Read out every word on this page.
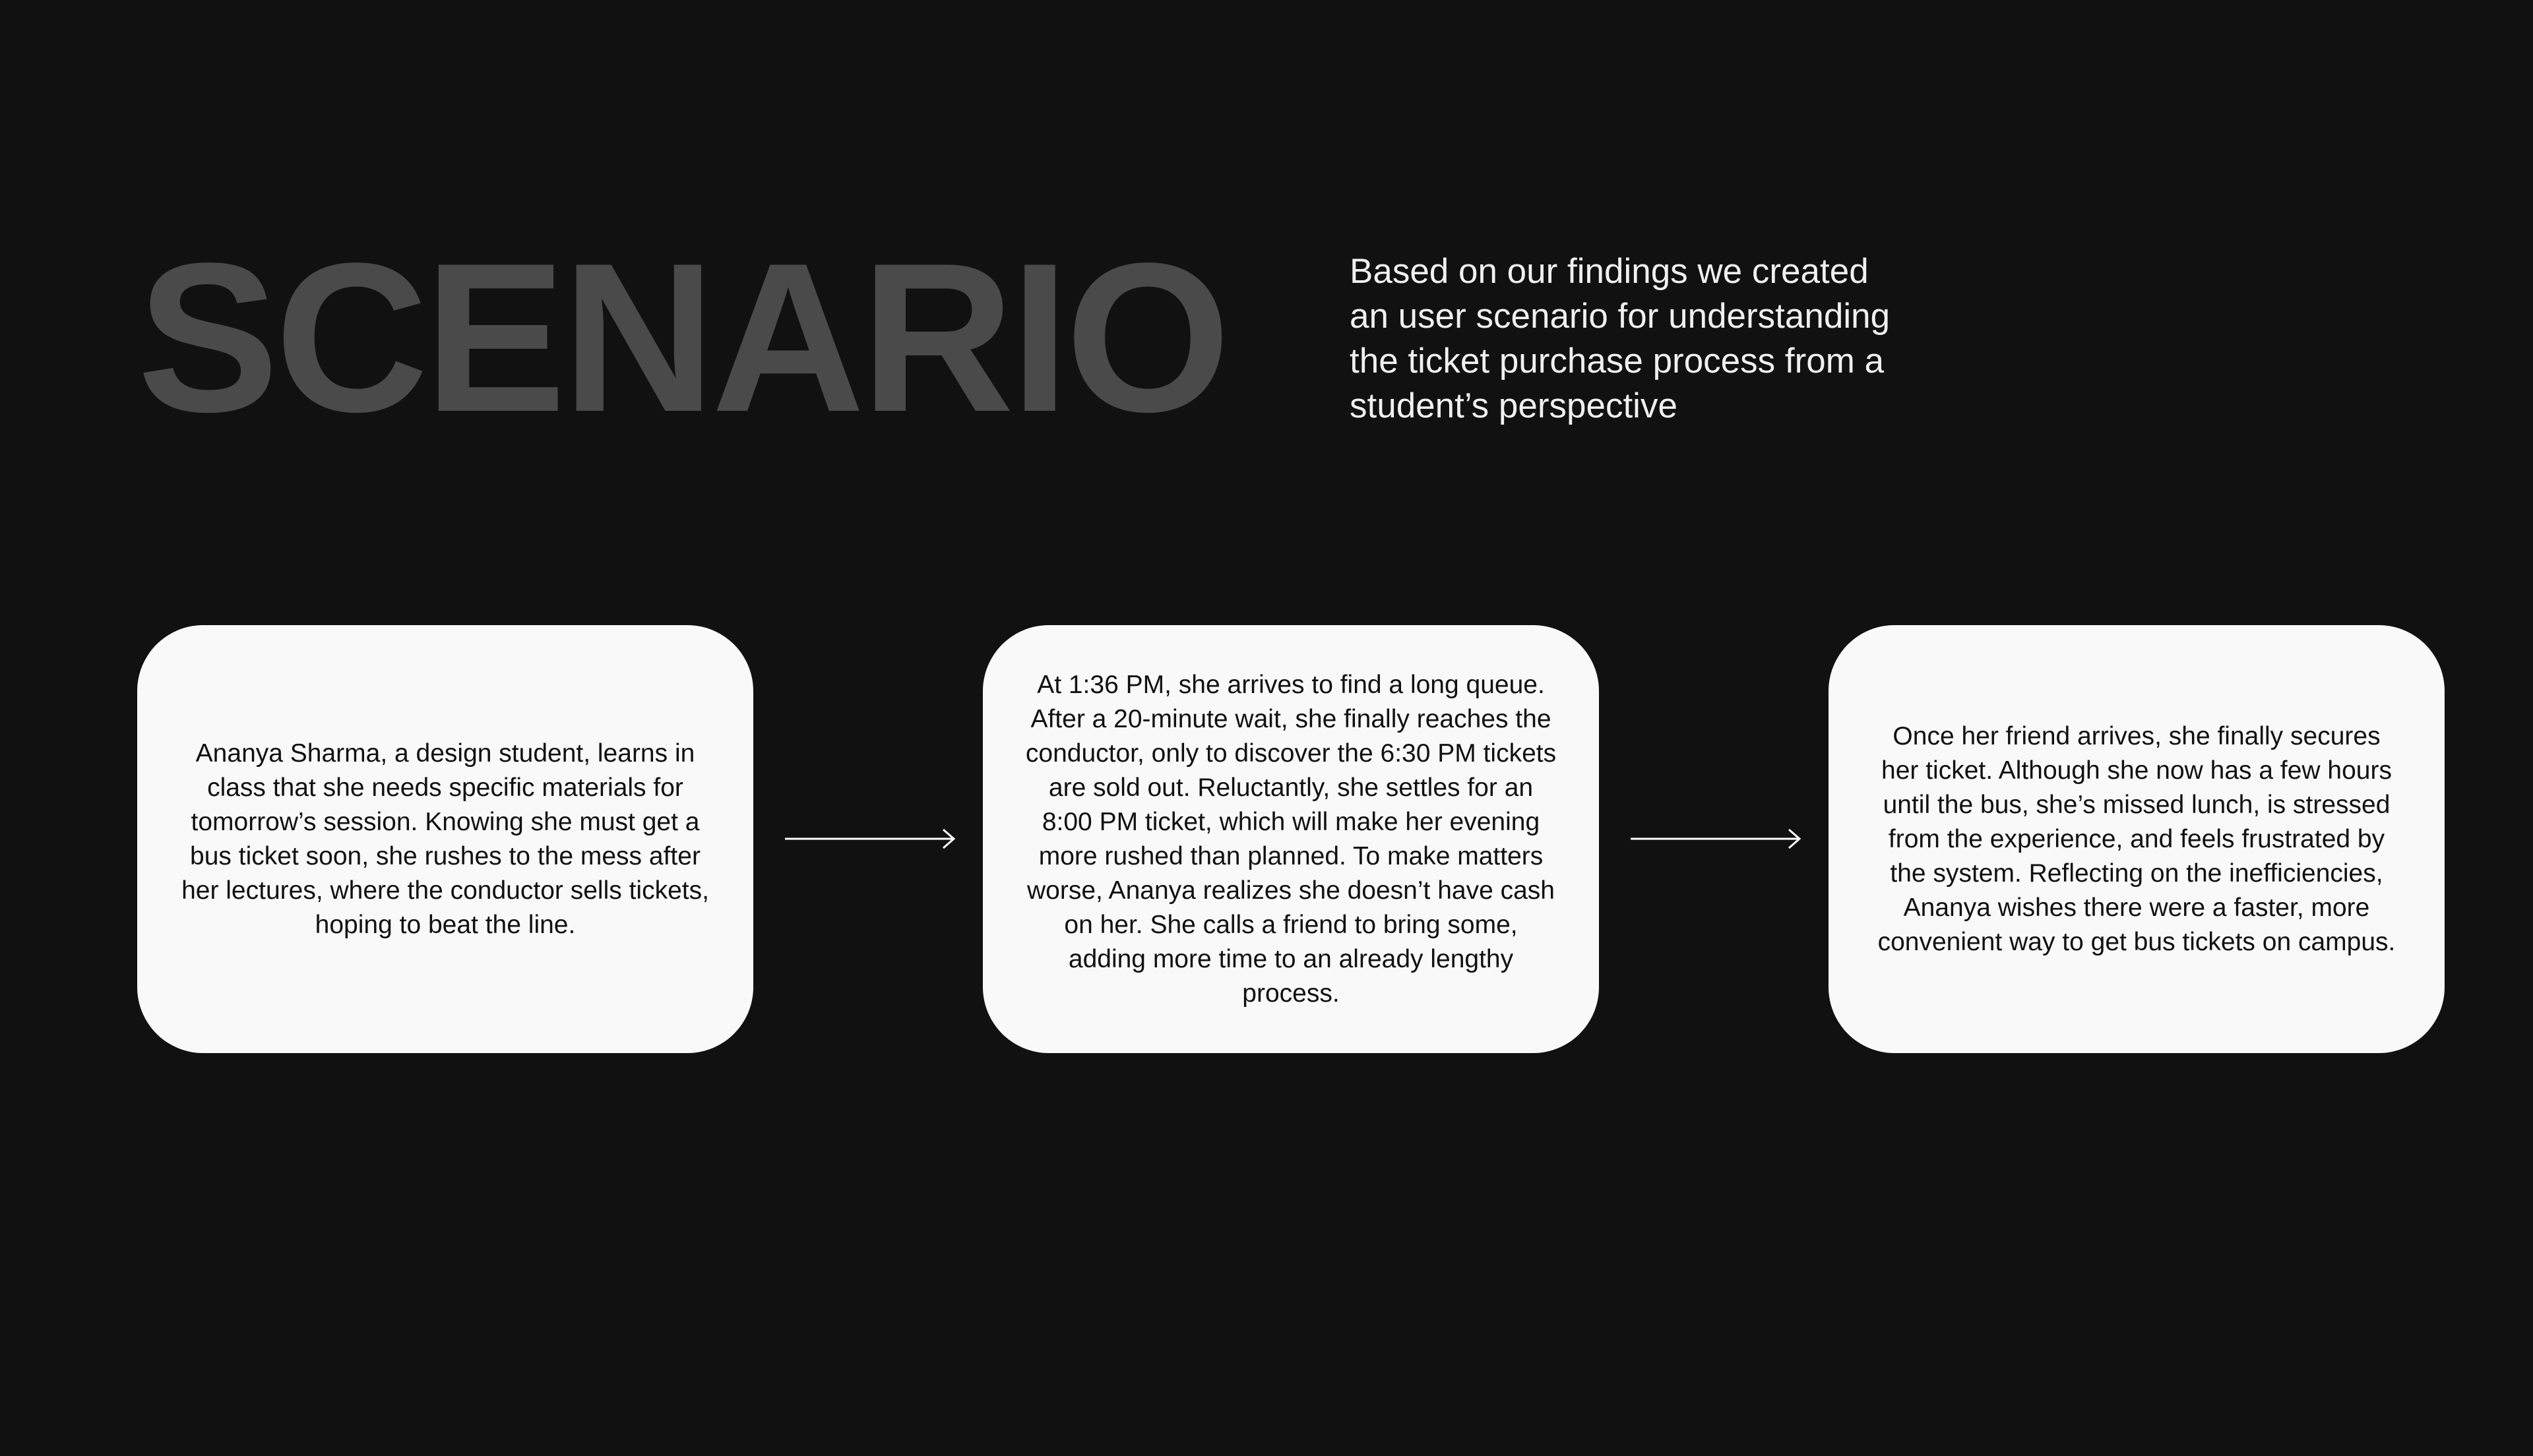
SCENARIO	Based on our findings we created
an user scenario for understanding
the ticket purchase process from a
student’s perspective

Ananya Sharma, a design student, learns in class that she needs specific materials for tomorrow’s session. Knowing she must get a bus ticket soon, she rushes to the mess after her lectures, where the conductor sells tickets, hoping to beat the line.

At 1:36 PM, she arrives to find a long queue. After a 20-minute wait, she finally reaches the conductor, only to discover the 6:30 PM tickets are sold out. Reluctantly, she settles for an 8:00 PM ticket, which will make her evening more rushed than planned. To make matters worse, Ananya realizes she doesn’t have cash on her. She calls a friend to bring some, adding more time to an already lengthy process.

Once her friend arrives, she finally secures her ticket. Although she now has a few hours until the bus, she’s missed lunch, is stressed from the experience, and feels frustrated by the system. Reflecting on the inefficiencies, Ananya wishes there were a faster, more convenient way to get bus tickets on campus.
